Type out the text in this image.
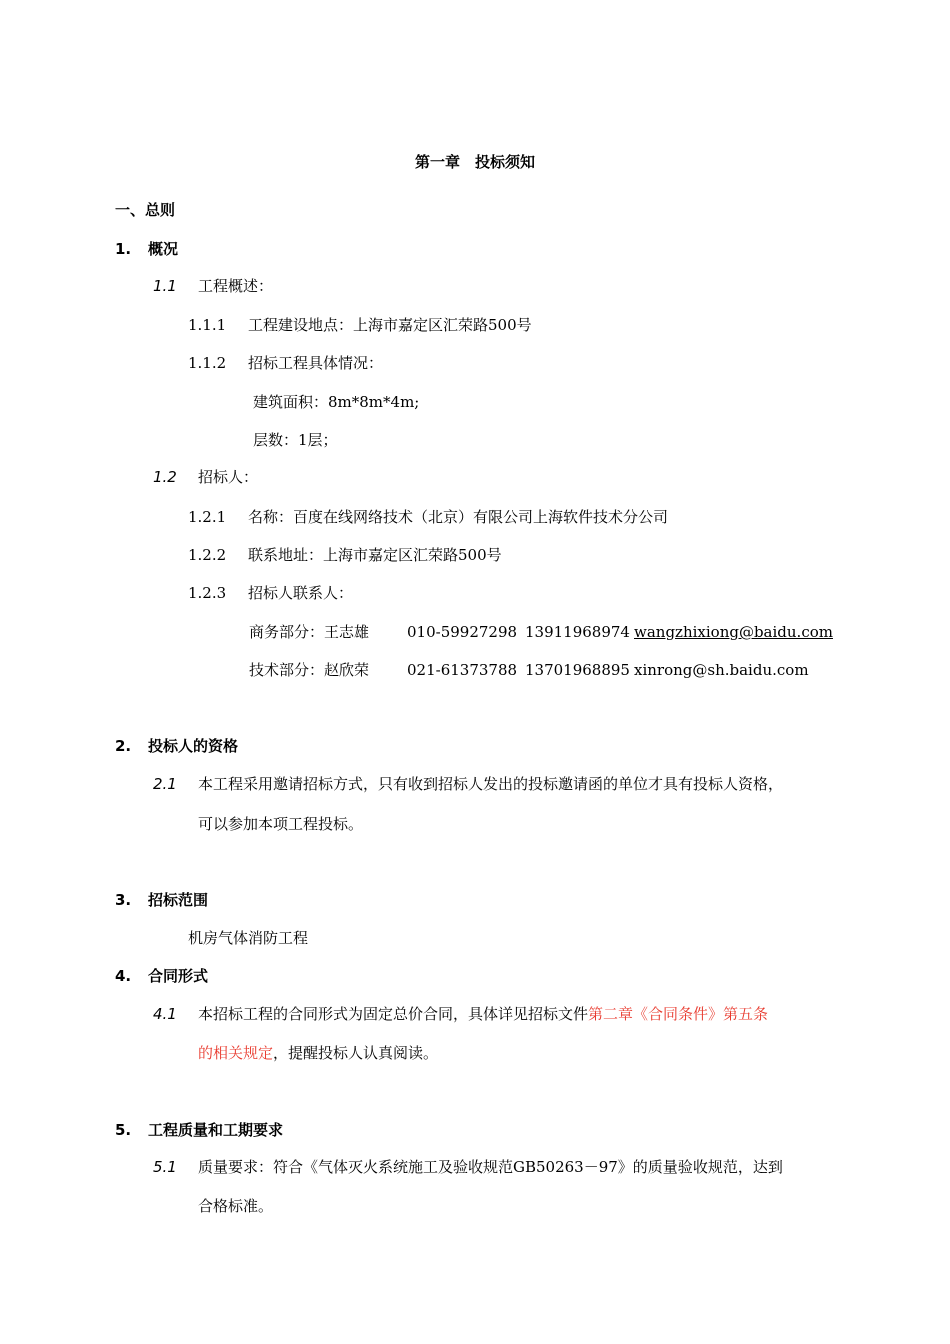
第一章　投标须知
一、总则
1. 概况
1.1 工程概述：
1.1.1 工程建设地点：上海市嘉定区汇荣路500号
1.1.2 招标工程具体情况：
建筑面积：8m*8m*4m;
层数：1层；
1.2 招标人：
1.2.1 名称：百度在线网络技术（北京）有限公司上海软件技术分公司
1.2.2 联系地址：上海市嘉定区汇荣路500号
1.2.3 招标人联系人：
商务部分：王志雄	010-59927298 13911968974 wangzhixiong@baidu.com
技术部分：赵欣荣	021-61373788 13701968895 xinrong@sh.baidu.com
2. 投标人的资格
2.1 本工程采用邀请招标方式，只有收到招标人发出的投标邀请函的单位才具有投标人资格，
可以参加本项工程投标。
3. 招标范围
机房气体消防工程
4. 合同形式
4.1 本招标工程的合同形式为固定总价合同，具体详见招标文件第二章《合同条件》第五条
的相关规定，提醒投标人认真阅读。
5. 工程质量和工期要求
5.1 质量要求：符合《气体灭火系统施工及验收规范GB50263－97》的质量验收规范，达到
合格标准。
